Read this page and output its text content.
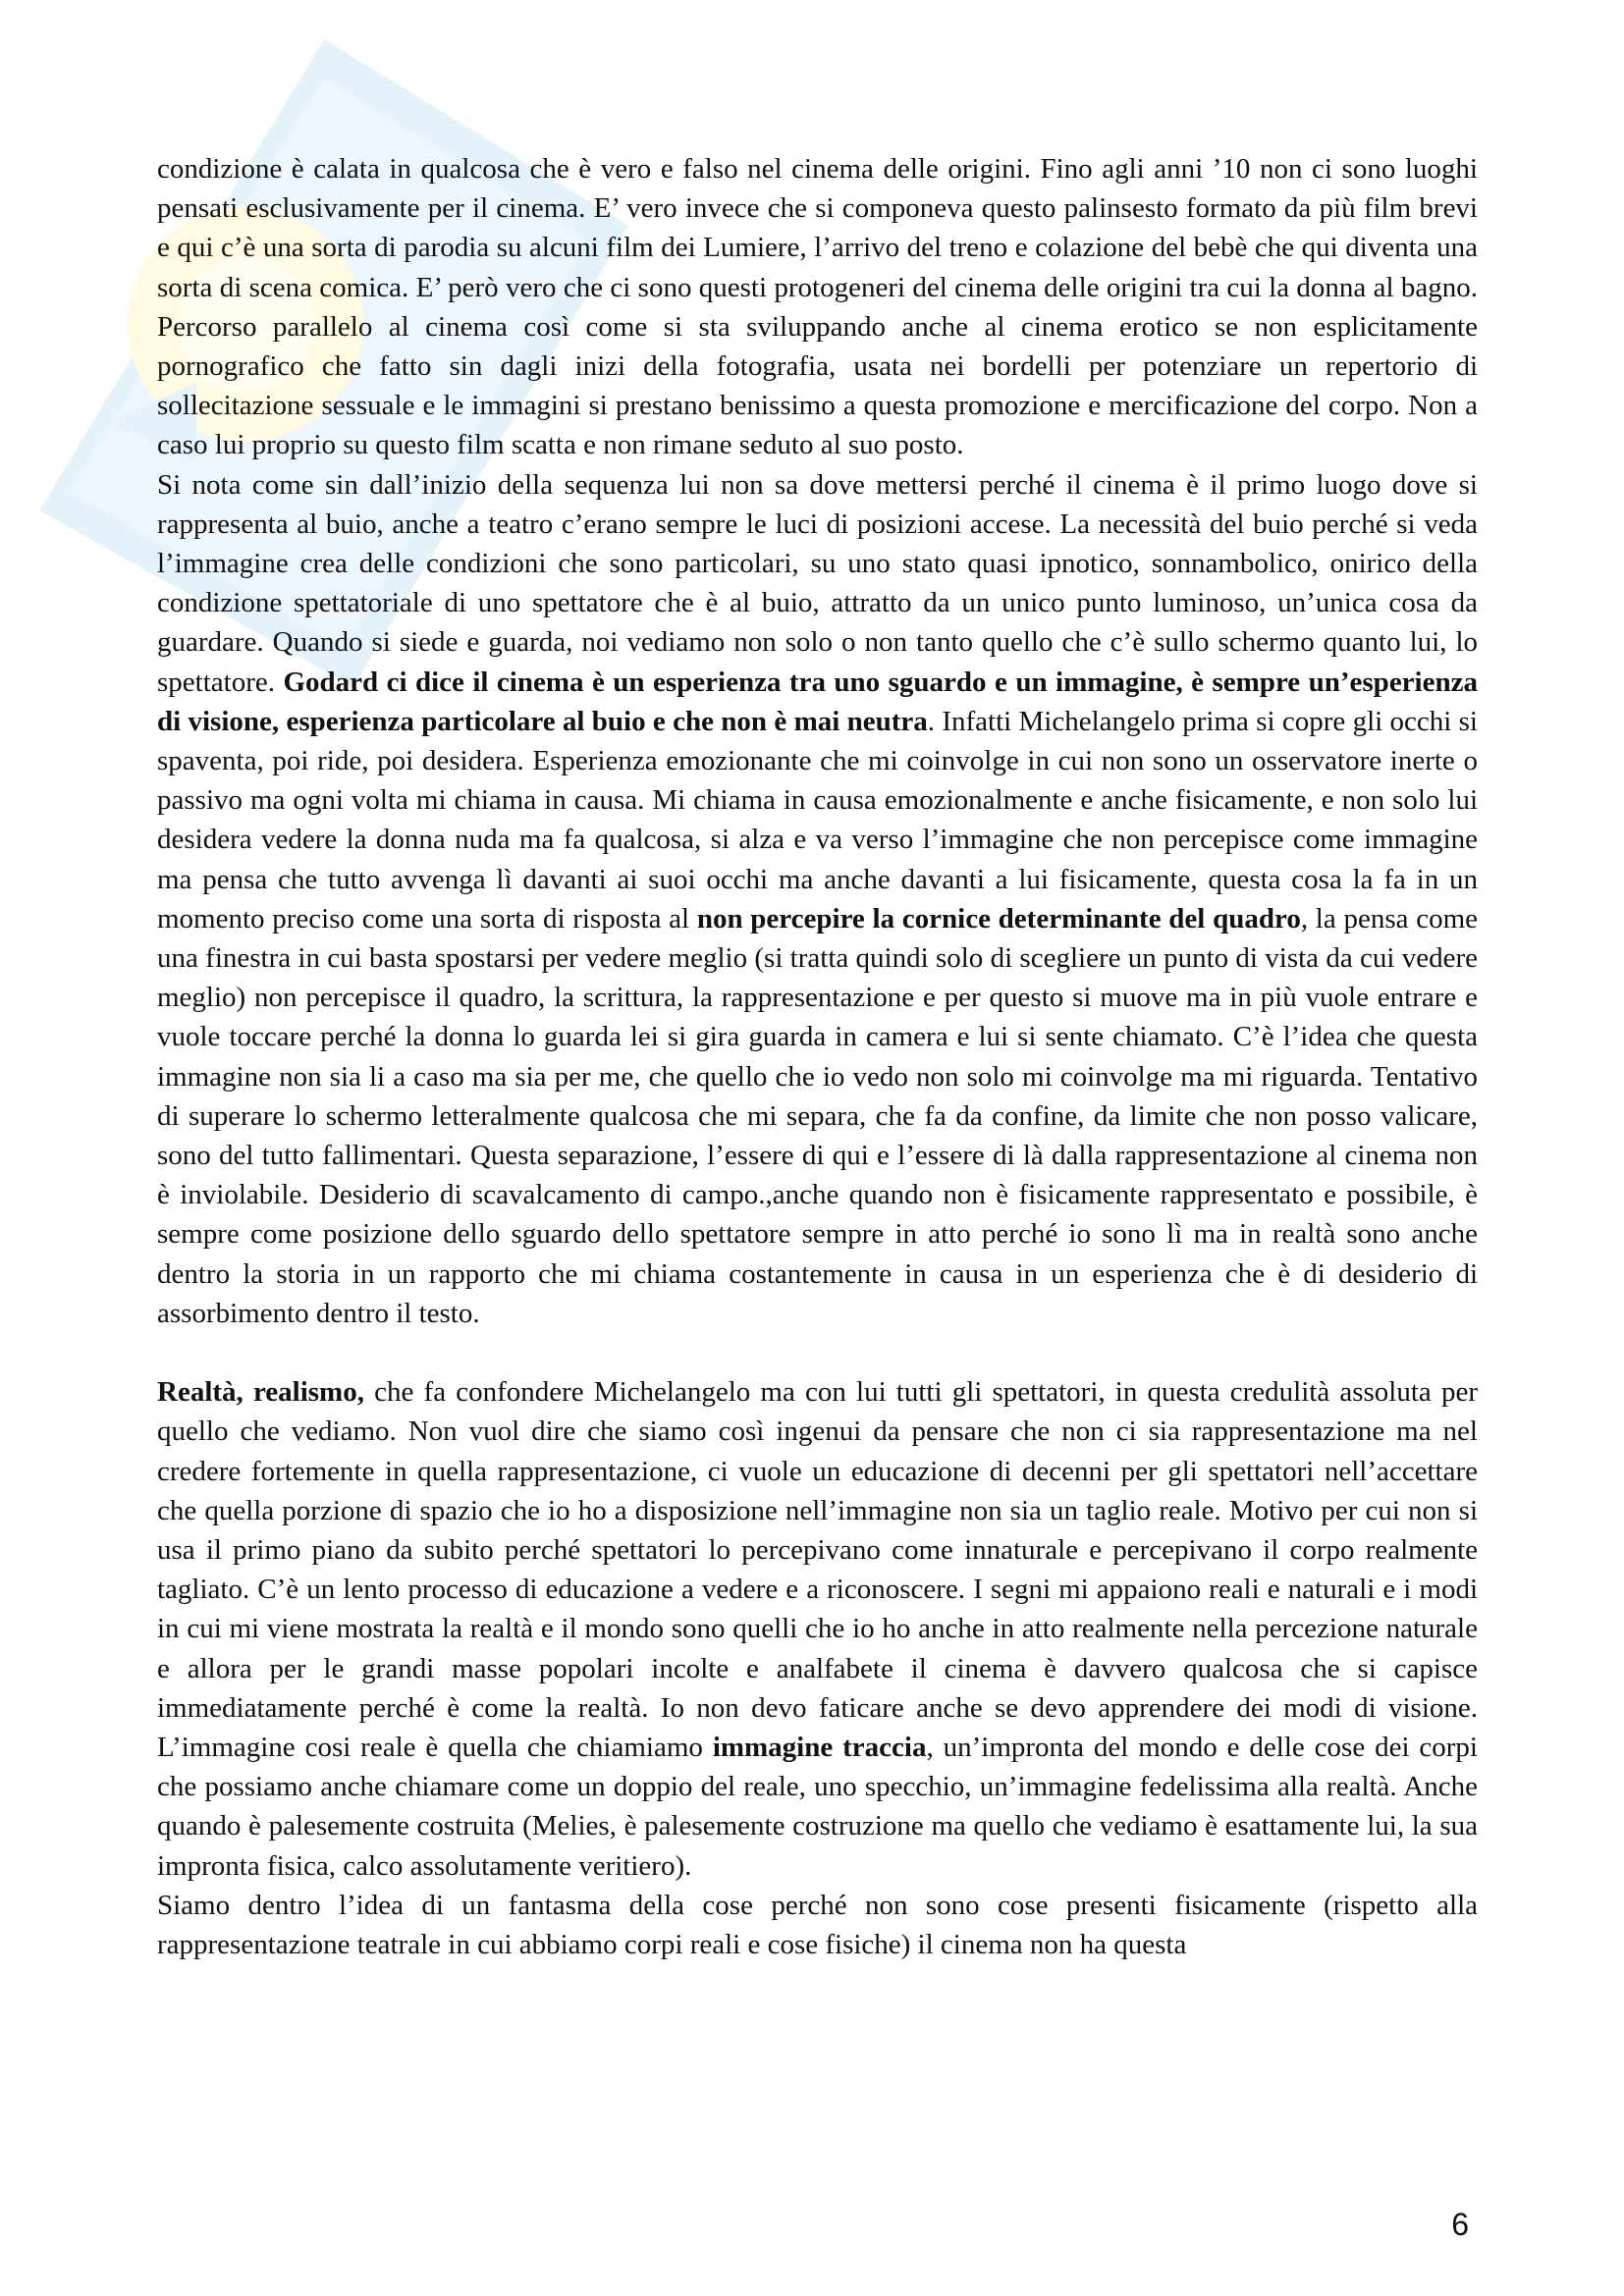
condizione è calata in qualcosa che è vero e falso nel cinema delle origini. Fino agli anni ’10 non ci sono luoghi pensati esclusivamente per il cinema. E’ vero invece che si componeva questo palinsesto formato da più film brevi e qui c’è una sorta di parodia su alcuni film dei Lumiere, l’arrivo del treno e colazione del bebè che qui diventa una sorta di scena comica. E’ però vero che ci sono questi protogeneri del cinema delle origini tra cui la donna al bagno. Percorso parallelo al cinema così come si sta sviluppando anche al cinema erotico se non esplicitamente pornografico che fatto sin dagli inizi della fotografia, usata nei bordelli per potenziare un repertorio di sollecitazione sessuale e le immagini si prestano benissimo a questa promozione e mercificazione del corpo. Non a caso lui proprio su questo film scatta e non rimane seduto al suo posto.

Si nota come sin dall’inizio della sequenza lui non sa dove mettersi perché il cinema è il primo luogo dove si rappresenta al buio, anche a teatro c’erano sempre le luci di posizioni accese. La necessità del buio perché si veda l’immagine crea delle condizioni che sono particolari, su uno stato quasi ipnotico, sonnambolico, onirico della condizione spettatoriale di uno spettatore che è al buio, attratto da un unico punto luminoso, un’unica cosa da guardare. Quando si siede e guarda, noi vediamo non solo o non tanto quello che c’è sullo schermo quanto lui, lo spettatore. Godard ci dice il cinema è un esperienza tra uno sguardo e un immagine, è sempre un’esperienza di visione, esperienza particolare al buio e che non è mai neutra. Infatti Michelangelo prima si copre gli occhi si spaventa, poi ride, poi desidera. Esperienza emozionante che mi coinvolge in cui non sono un osservatore inerte o passivo ma ogni volta mi chiama in causa. Mi chiama in causa emozionalmente e anche fisicamente, e non solo lui desidera vedere la donna nuda ma fa qualcosa, si alza e va verso l’immagine che non percepisce come immagine ma pensa che tutto avvenga lì davanti ai suoi occhi ma anche davanti a lui fisicamente, questa cosa la fa in un momento preciso come una sorta di risposta al non percepire la cornice determinante del quadro, la pensa come una finestra in cui basta spostarsi per vedere meglio (si tratta quindi solo di scegliere un punto di vista da cui vedere meglio) non percepisce il quadro, la scrittura, la rappresentazione e per questo si muove ma in più vuole entrare e vuole toccare perché la donna lo guarda lei si gira guarda in camera e lui si sente chiamato. C’è l’idea che questa immagine non sia li a caso ma sia per me, che quello che io vedo non solo mi coinvolge ma mi riguarda. Tentativo di superare lo schermo letteralmente qualcosa che mi separa, che fa da confine, da limite che non posso valicare, sono del tutto fallimentari. Questa separazione, l’essere di qui e l’essere di là dalla rappresentazione al cinema non è inviolabile. Desiderio di scavalcamento di campo.,anche quando non è fisicamente rappresentato e possibile, è sempre come posizione dello sguardo dello spettatore sempre in atto perché io sono lì ma in realtà sono anche dentro la storia in un rapporto che mi chiama costantemente in causa in un esperienza che è di desiderio di assorbimento dentro il testo.

Realtà, realismo, che fa confondere Michelangelo ma con lui tutti gli spettatori, in questa credulità assoluta per quello che vediamo. Non vuol dire che siamo così ingenui da pensare che non ci sia rappresentazione ma nel credere fortemente in quella rappresentazione, ci vuole un educazione di decenni per gli spettatori nell’accettare che quella porzione di spazio che io ho a disposizione nell’immagine non sia un taglio reale. Motivo per cui non si usa il primo piano da subito perché spettatori lo percepivano come innaturale e percepivano il corpo realmente tagliato. C’è un lento processo di educazione a vedere e a riconoscere. I segni mi appaiono reali e naturali e i modi in cui mi viene mostrata la realtà e il mondo sono quelli che io ho anche in atto realmente nella percezione naturale e allora per le grandi masse popolari incolte e analfabete il cinema è davvero qualcosa che si capisce immediatamente perché è come la realtà. Io non devo faticare anche se devo apprendere dei modi di visione. L’immagine cosi reale è quella che chiamiamo immagine traccia, un’impronta del mondo e delle cose dei corpi che possiamo anche chiamare come un doppio del reale, uno specchio, un’immagine fedelissima alla realtà. Anche quando è palesemente costruita (Melies, è palesemente costruzione ma quello che vediamo è esattamente lui, la sua impronta fisica, calco assolutamente veritiero).

Siamo dentro l’idea di un fantasma della cose perché non sono cose presenti fisicamente (rispetto alla rappresentazione teatrale in cui abbiamo corpi reali e cose fisiche) il cinema non ha questa

6
